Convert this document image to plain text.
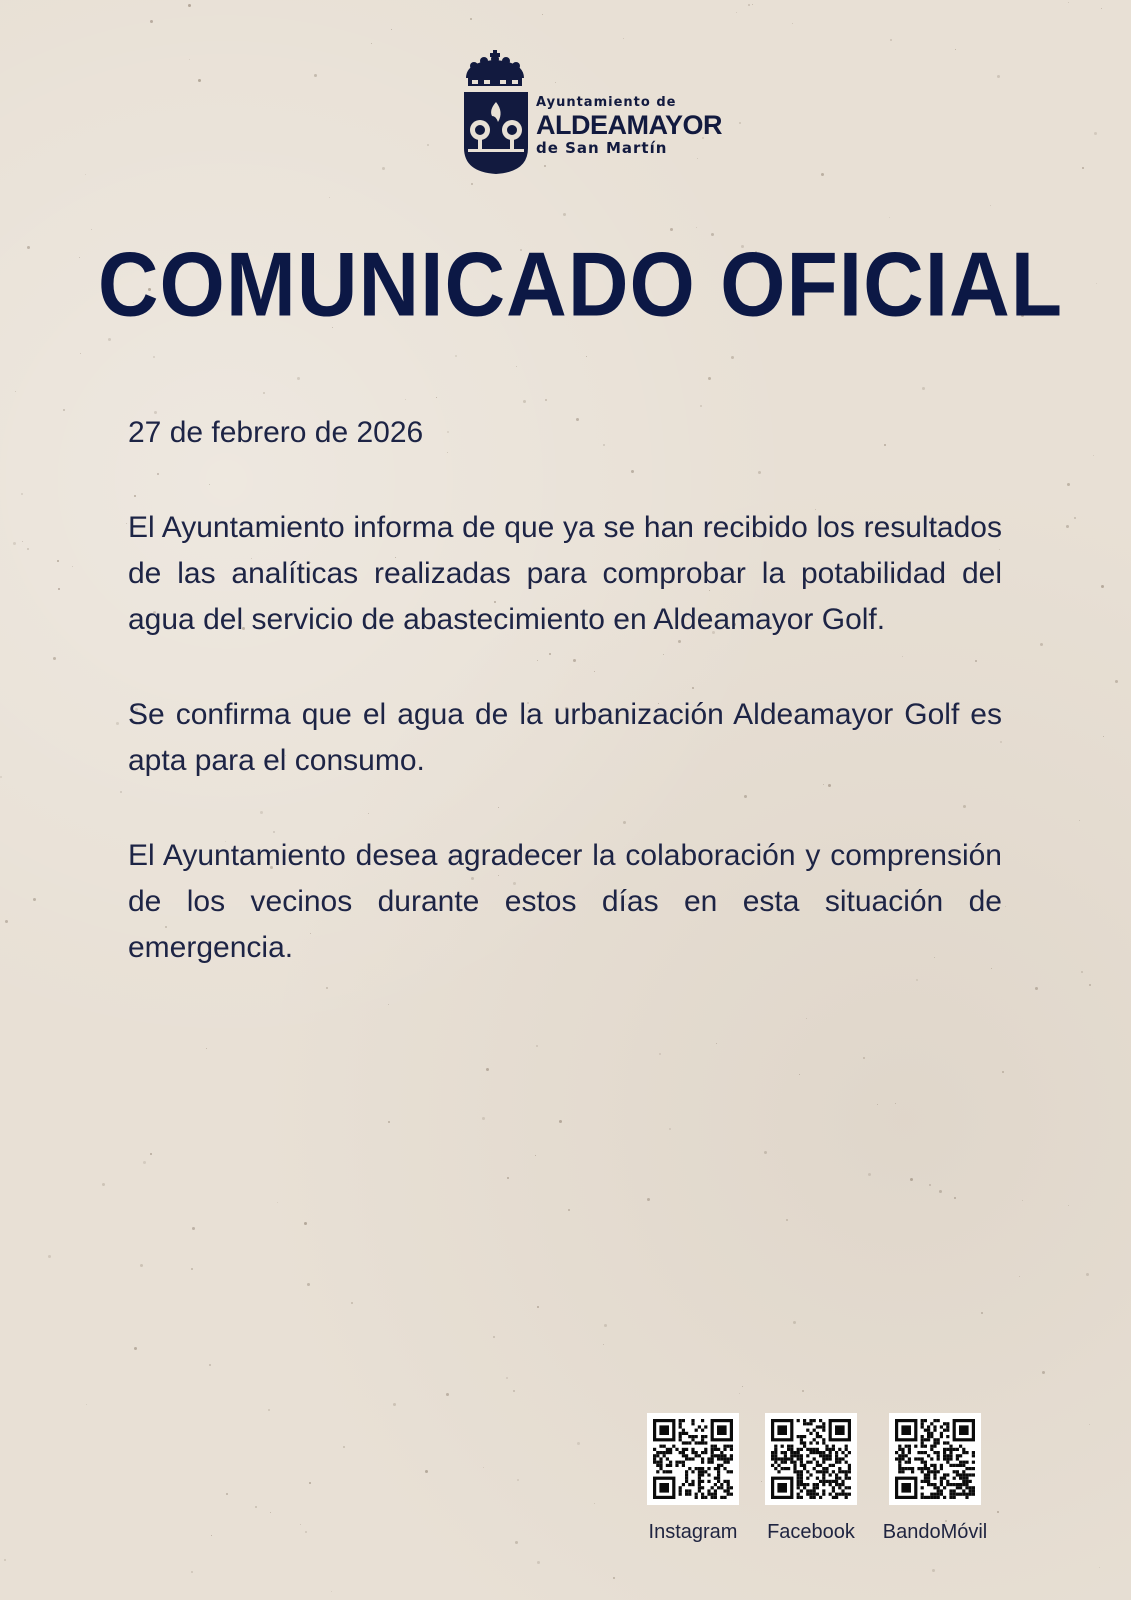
Ayuntamiento de
ALDEAMAYOR
de San Martín
COMUNICADO OFICIAL
27 de febrero de 2026
El Ayuntamiento informa de que ya se han recibido los resultados de las analíticas realizadas para comprobar la potabilidad del agua del servicio de abastecimiento en Aldeamayor Golf.
Se confirma que el agua de la urbanización Aldeamayor Golf es apta para el consumo.
El Ayuntamiento desea agradecer la colaboración y comprensión de los vecinos durante estos días en esta situación de emergencia.
Instagram	Facebook	BandoMóvil
